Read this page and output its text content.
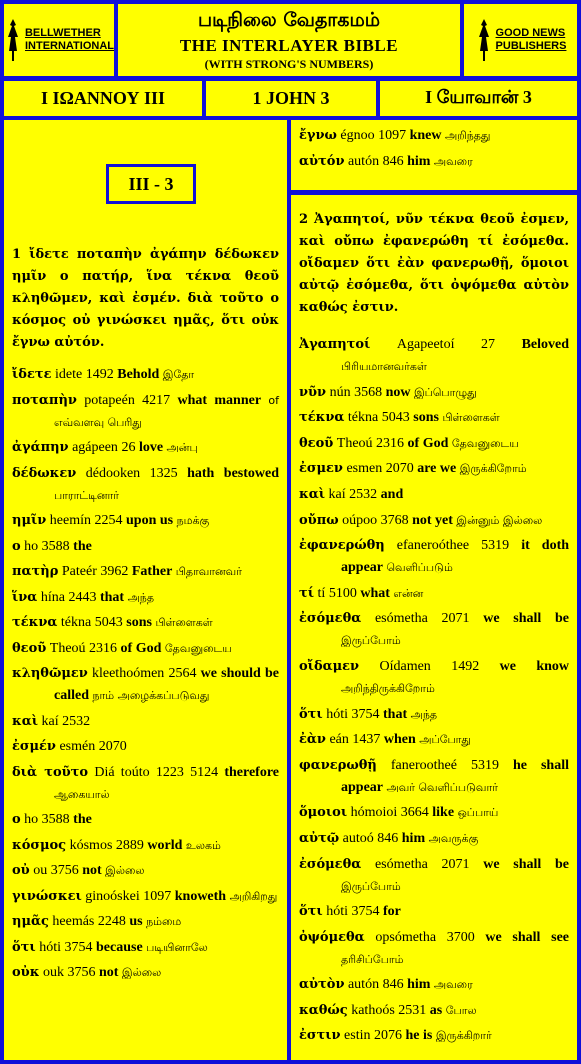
BELLWETHER
INTERNATIONAL
படிநிலை வேதாகமம்
THE INTERLAYER BIBLE
(WITH STRONG'S NUMBERS)
GOOD NEWS
PUBLISHERS
I ΙΩΑΝΝΟΥ III	1 JOHN 3	I யோவான் 3
III - 3

1 ἴδετε ποταπὴν ἀγάπην δέδωκεν ημῖν ο πατήρ, ἵνα τέκνα θεοῦ κληθῶμεν, καὶ ἐσμέν. διὰ τοῦτο ο κόσμος οὐ γινώσκει ημᾶς, ὅτι οὐκ ἔγνω αὐτόν.

ἴδετε idete 1492 Behold இதோ
ποταπὴν potapeén 4217 what manner of எவ்வளவு பெரிது
ἀγάπην agápeen 26 love அன்பு
δέδωκεν dédooken 1325 hath bestowed பாராட்டினார்
ημῖν heemín 2254 upon us நமக்கு
ο ho 3588 the
πατὴρ Pateér 3962 Father பிதாவானவர்
ἵνα hína 2443 that அந்த
τέκνα tékna 5043 sons பிள்ளைகள்
θεοῦ Theoú 2316 of God தேவனுடைய
κληθῶμεν kleethoómen 2564 we should be called நாம் அழைக்கப்படுவது
καὶ kaí 2532
ἐσμέν esmén 2070
διὰ τοῦτο Diá toúto 1223 5124 therefore ஆகையால்
ο ho 3588 the
κόσμος kósmos 2889 world உலகம்
οὐ ou 3756 not இல்லை
γινώσκει ginoóskei 1097 knoweth அறிகிறது
ημᾶς heemás 2248 us நம்மை
ὅτι hóti 3754 because படியினாலே
οὐκ ouk 3756 not இல்லை
ἔγνω égnoo 1097 knew அறிந்தது
αὐτόν autón 846 him அவரை

2 Ἀγαπητοί, νῦν τέκνα θεοῦ ἐσμεν, καὶ οὔπω ἐφανερώθη τί ἐσόμεθα. οἴδαμεν ὅτι ἐὰν φανερωθῇ, ὅμοιοι αὐτῷ ἐσόμεθα, ὅτι ὀψόμεθα αὐτὸν καθώς ἐστιν.

Ἀγαπητοί Agapeetoí 27 Beloved பிரியமானவர்கள்
νῦν nún 3568 now இப்பொழுது
τέκνα tékna 5043 sons பிள்ளைகள்
θεοῦ Theoú 2316 of God தேவனுடைய
ἐσμεν esmen 2070 are we இருக்கிறோம்
καὶ kaí 2532 and
οὔπω oúpoo 3768 not yet இன்னும் இல்லை
ἐφανερώθη efaneroóthee 5319 it doth appear வெளிப்படும்
τί tí 5100 what என்ன
ἐσόμεθα esómetha 2071 we shall be இருப்போம்
οἴδαμεν Oídamen 1492 we know அறிந்திருக்கிறோம்
ὅτι hóti 3754 that அந்த
ἐὰν eán 1437 when அப்போது
φανερωθῇ fanerootheé 5319 he shall appear அவர் வெளிப்படுவார்
ὅμοιοι hómoioi 3664 like ஒப்பாய்
αὐτῷ autoó 846 him அவருக்கு
ἐσόμεθα esómetha 2071 we shall be இருப்போம்
ὅτι hóti 3754 for
ὀψόμεθα opsómetha 3700 we shall see தரிசிப்போம்
αὐτὸν autón 846 him அவரை
καθώς kathoós 2531 as போல
ἐστιν estin 2076 he is இருக்கிறார்
